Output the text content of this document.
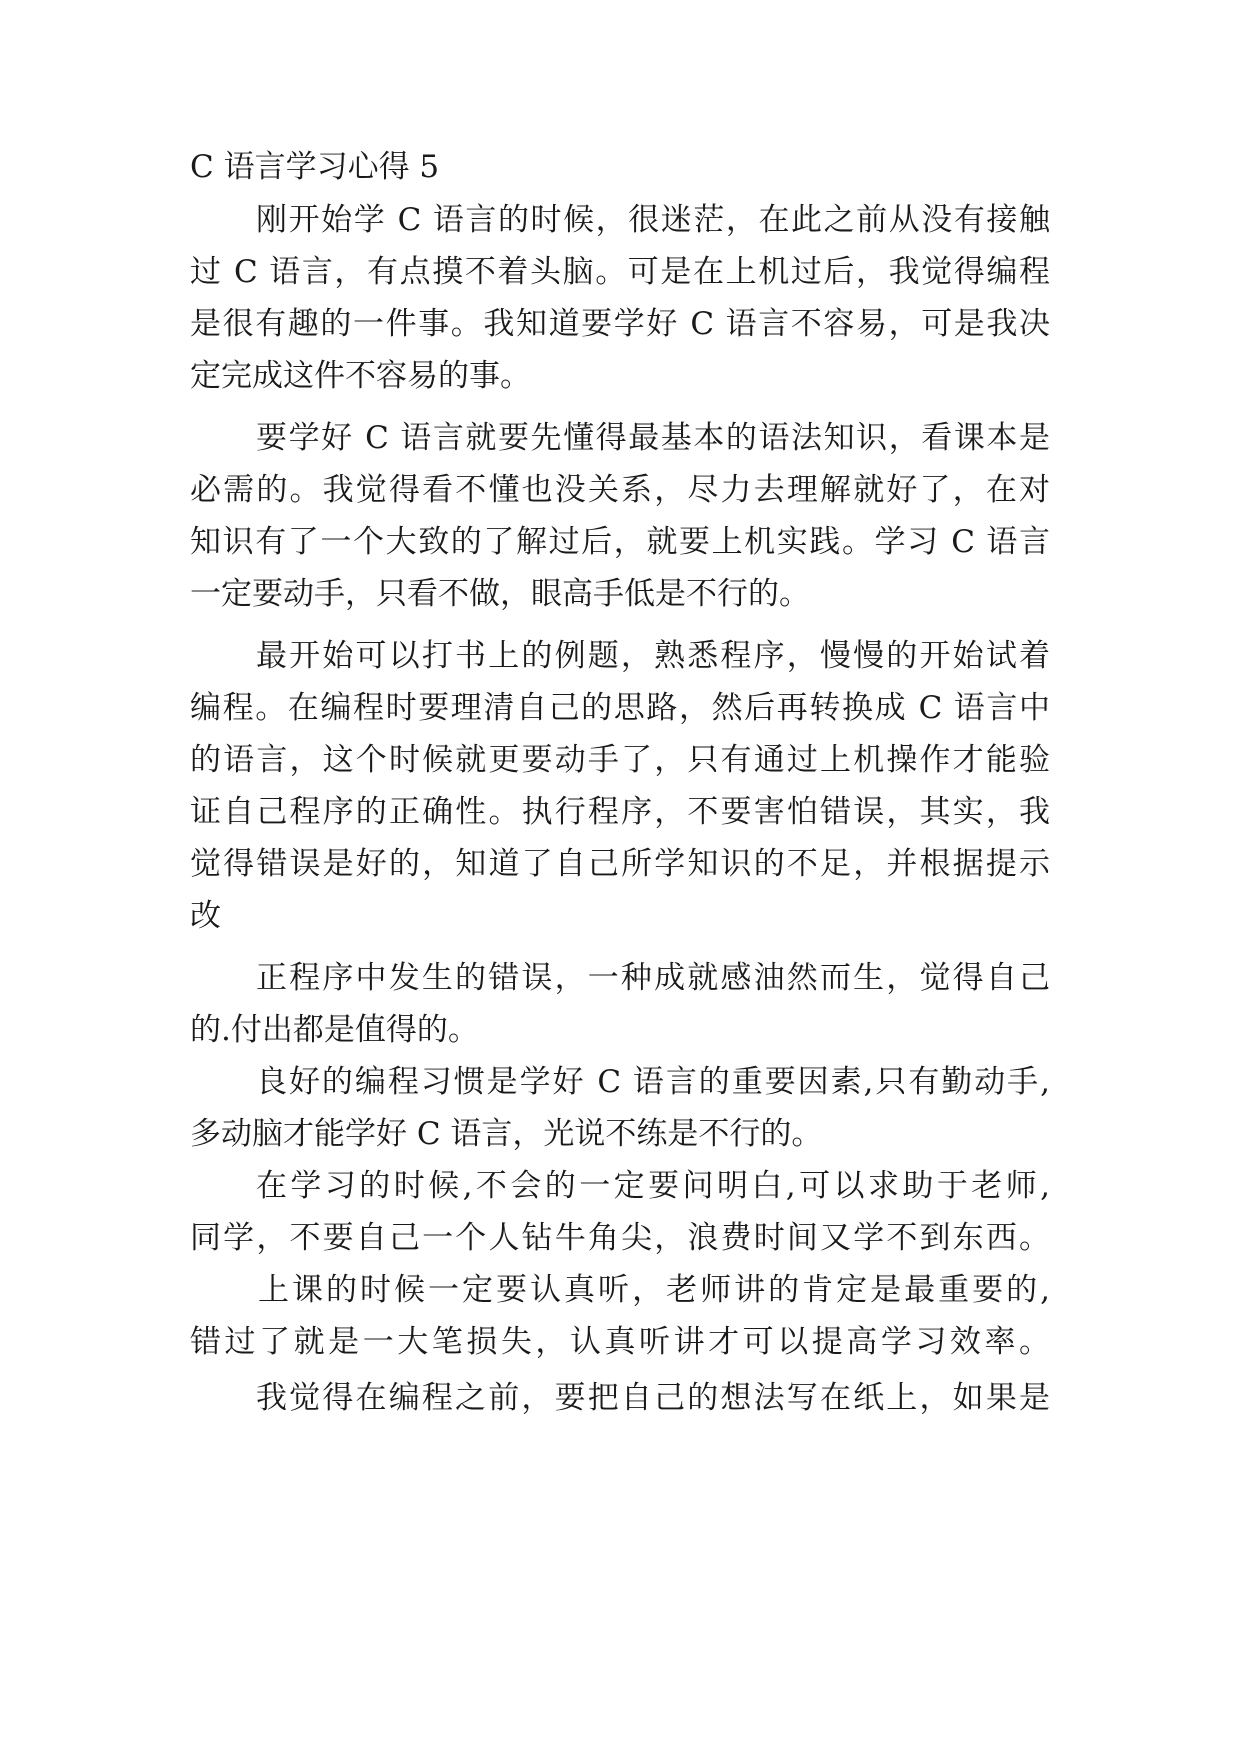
C 语言学习心得 5
刚开始学 C 语言的时候，很迷茫，在此之前从没有接触
过 C 语言，有点摸不着头脑。可是在上机过后，我觉得编程
是很有趣的一件事。我知道要学好 C 语言不容易，可是我决
定完成这件不容易的事。
要学好 C 语言就要先懂得最基本的语法知识，看课本是
必需的。我觉得看不懂也没关系，尽力去理解就好了，在对
知识有了一个大致的了解过后，就要上机实践。学习 C 语言
一定要动手，只看不做，眼高手低是不行的。
最开始可以打书上的例题，熟悉程序，慢慢的开始试着
编程。在编程时要理清自己的思路，然后再转换成 C 语言中
的语言，这个时候就更要动手了，只有通过上机操作才能验
证自己程序的正确性。执行程序，不要害怕错误，其实，我
觉得错误是好的，知道了自己所学知识的不足，并根据提示
改
正程序中发生的错误，一种成就感油然而生，觉得自己
的.付出都是值得的。
良好的编程习惯是学好 C 语言的重要因素,只有勤动手,
多动脑才能学好 C 语言，光说不练是不行的。
在学习的时候,不会的一定要问明白,可以求助于老师,
同学，不要自己一个人钻牛角尖，浪费时间又学不到东西。
上课的时候一定要认真听，老师讲的肯定是最重要的,
错过了就是一大笔损失，认真听讲才可以提高学习效率。
我觉得在编程之前，要把自己的想法写在纸上，如果是
